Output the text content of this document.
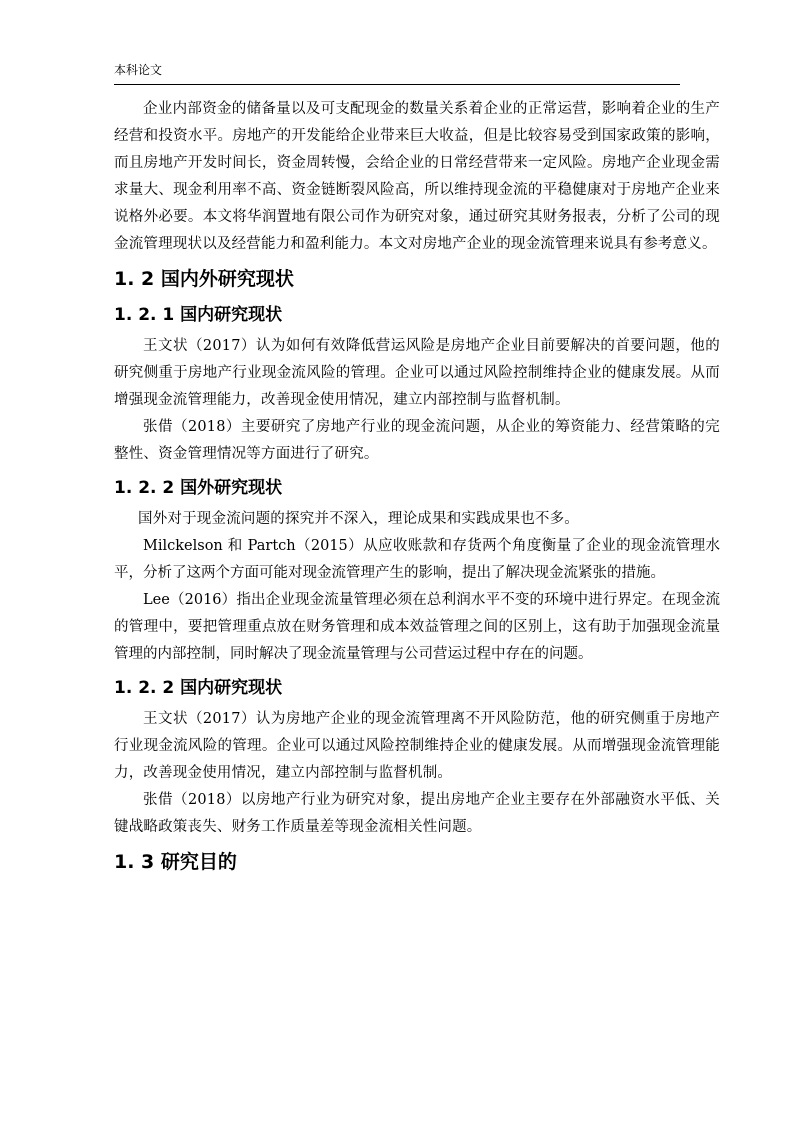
本科论文

企业内部资金的储备量以及可支配现金的数量关系着企业的正常运营，影响着企业的生产经营和投资水平。房地产的开发能给企业带来巨大收益，但是比较容易受到国家政策的影响，而且房地产开发时间长，资金周转慢，会给企业的日常经营带来一定风险。房地产企业现金需求量大、现金利用率不高、资金链断裂风险高，所以维持现金流的平稳健康对于房地产企业来说格外必要。本文将华润置地有限公司作为研究对象，通过研究其财务报表，分析了公司的现金流管理现状以及经营能力和盈利能力。本文对房地产企业的现金流管理来说具有参考意义。

1. 2 国内外研究现状
1. 2. 1 国内研究现状

王文状（2017）认为如何有效降低营运风险是房地产企业目前要解决的首要问题，他的研究侧重于房地产行业现金流风险的管理。企业可以通过风险控制维持企业的健康发展。从而增强现金流管理能力，改善现金使用情况，建立内部控制与监督机制。

张借（2018）主要研究了房地产行业的现金流问题，从企业的筹资能力、经营策略的完整性、资金管理情况等方面进行了研究。

1. 2. 2 国外研究现状

国外对于现金流问题的探究并不深入，理论成果和实践成果也不多。

Milckelson 和 Partch（2015）从应收账款和存货两个角度衡量了企业的现金流管理水平，分析了这两个方面可能对现金流管理产生的影响，提出了解决现金流紧张的措施。

Lee（2016）指出企业现金流量管理必须在总利润水平不变的环境中进行界定。在现金流的管理中，要把管理重点放在财务管理和成本效益管理之间的区别上，这有助于加强现金流量管理的内部控制，同时解决了现金流量管理与公司营运过程中存在的问题。

1. 2. 2 国内研究现状

王文状（2017）认为房地产企业的现金流管理离不开风险防范，他的研究侧重于房地产行业现金流风险的管理。企业可以通过风险控制维持企业的健康发展。从而增强现金流管理能力，改善现金使用情况，建立内部控制与监督机制。

张借（2018）以房地产行业为研究对象，提出房地产企业主要存在外部融资水平低、关键战略政策丧失、财务工作质量差等现金流相关性问题。

1. 3 研究目的
